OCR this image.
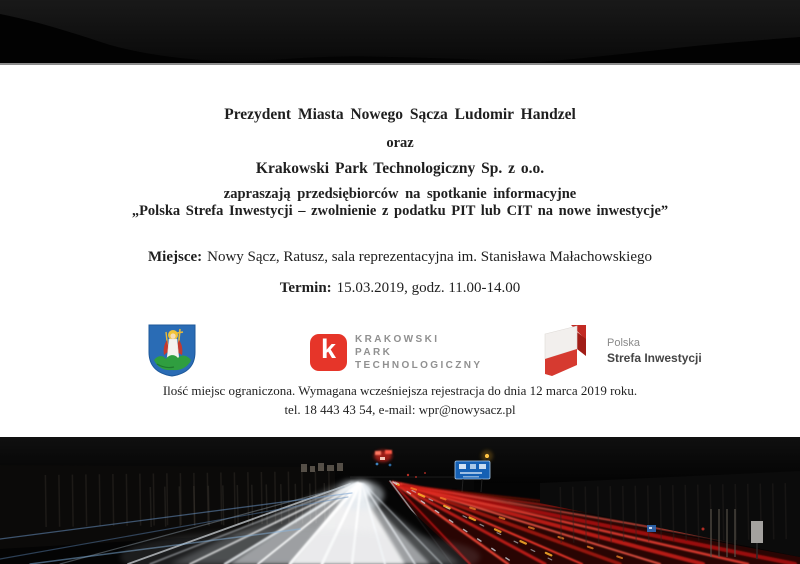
Prezydent Miasta Nowego Sącza Ludomir Handzel
oraz
Krakowski Park Technologiczny Sp. z o.o.
zapraszają przedsiębiorców na spotkanie informacyjne
„Polska Strefa Inwestycji – zwolnienie z podatku PIT lub CIT na nowe inwestycje”
Miejsce: Nowy Sącz, Ratusz, sala reprezentacyjna im. Stanisława Małachowskiego
Termin: 15.03.2019, godz. 11.00-14.00
k	KRAKOWSKI
PARK
TECHNOLOGICZNY
Polska
Strefa Inwestycji
Ilość miejsc ograniczona. Wymagana wcześniejsza rejestracja do dnia 12 marca 2019 roku.
tel. 18 443 43 54, e-mail: wpr@nowysacz.pl
